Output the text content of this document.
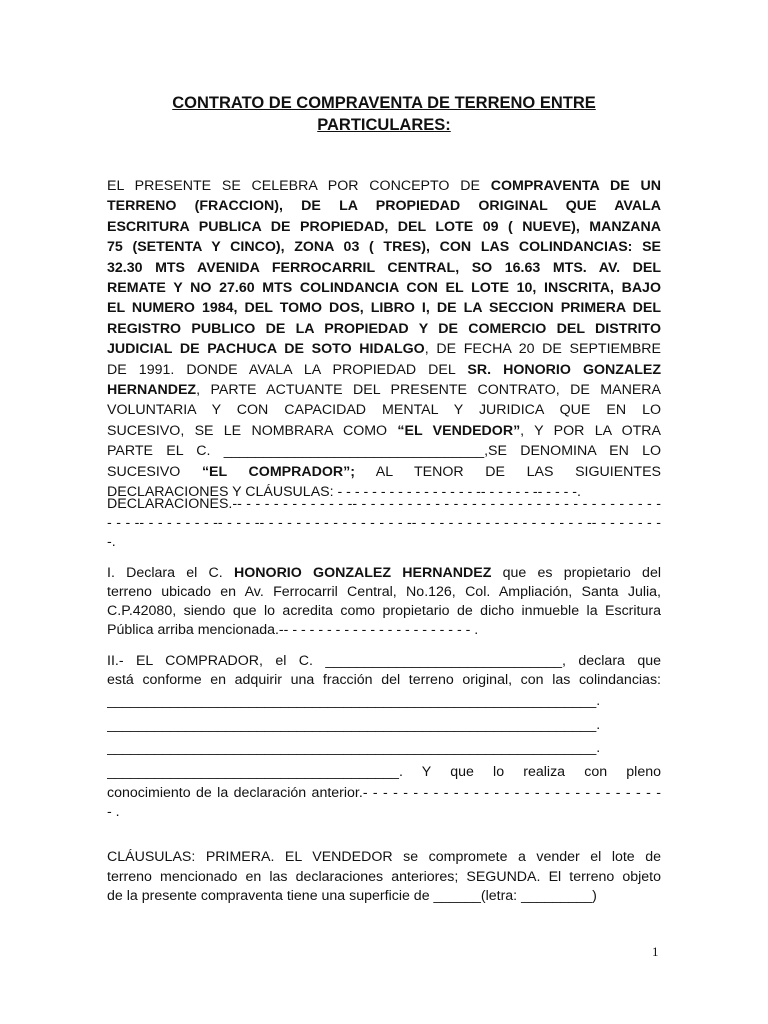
CONTRATO DE COMPRAVENTA DE TERRENO ENTRE
PARTICULARES:
EL PRESENTE SE CELEBRA POR CONCEPTO DE COMPRAVENTA DE UN
TERRENO (FRACCION), DE LA PROPIEDAD ORIGINAL QUE AVALA
ESCRITURA PUBLICA DE PROPIEDAD, DEL LOTE 09 ( NUEVE), MANZANA
75 (SETENTA Y CINCO), ZONA 03 ( TRES), CON LAS COLINDANCIAS: SE
32.30 MTS AVENIDA FERROCARRIL CENTRAL, SO 16.63 MTS. AV. DEL
REMATE Y NO 27.60 MTS COLINDANCIA CON EL LOTE 10, INSCRITA, BAJO
EL NUMERO 1984, DEL TOMO DOS, LIBRO I, DE LA SECCION PRIMERA DEL
REGISTRO PUBLICO DE LA PROPIEDAD Y DE COMERCIO DEL DISTRITO
JUDICIAL DE PACHUCA DE SOTO HIDALGO, DE FECHA 20 DE SEPTIEMBRE
DE 1991. DONDE AVALA LA PROPIEDAD DEL SR. HONORIO GONZALEZ
HERNANDEZ, PARTE ACTUANTE DEL PRESENTE CONTRATO, DE MANERA
VOLUNTARIA Y CON CAPACIDAD MENTAL Y JURIDICA QUE EN LO
SUCESIVO, SE LE NOMBRARA COMO “EL VENDEDOR”, Y POR LA OTRA
PARTE EL C. _________________________________,SE DENOMINA EN LO
SUCESIVO “EL COMPRADOR”; AL TENOR DE LAS SIGUIENTES
DECLARACIONES Y CLÁUSULAS: - - - - - - - - - - - - - - - - -- - - - - - -- - - - -.
DECLARACIONES.-- - - - - - - - - - - - -- - - - - - - - - - - - - - - - - - - - - - - - - - - - - - - - - -
- - - -- - - - - - - - -- - - - -- - - - - - - - - - - - - - - - -- - - - - - - - - - - - - - - - - - - -- - - - - - - -
-.
I. Declara el C. HONORIO GONZALEZ HERNANDEZ que es propietario del
terreno ubicado en Av. Ferrocarril Central, No.126, Col. Ampliación, Santa Julia,
C.P.42080, siendo que lo acredita como propietario de dicho inmueble la Escritura
Pública arriba mencionada.-- - - - - - - - - - - - - - - - - - - - - - .
II.- EL COMPRADOR, el C. ______________________________, declara que
está conforme en adquirir una fracción del terreno original, con las colindancias:
______________________________________________________________.
______________________________________________________________.
______________________________________________________________.
_____________________________________. Y que lo realiza con pleno
conocimiento de la declaración anterior.- - - - - - - - - - - - - - - - - - - - - - - - - - - - - -
- .
CLÁUSULAS: PRIMERA. EL VENDEDOR se compromete a vender el lote de
terreno mencionado en las declaraciones anteriores; SEGUNDA. El terreno objeto
de la presente compraventa tiene una superficie de ______(letra: _________)
1
